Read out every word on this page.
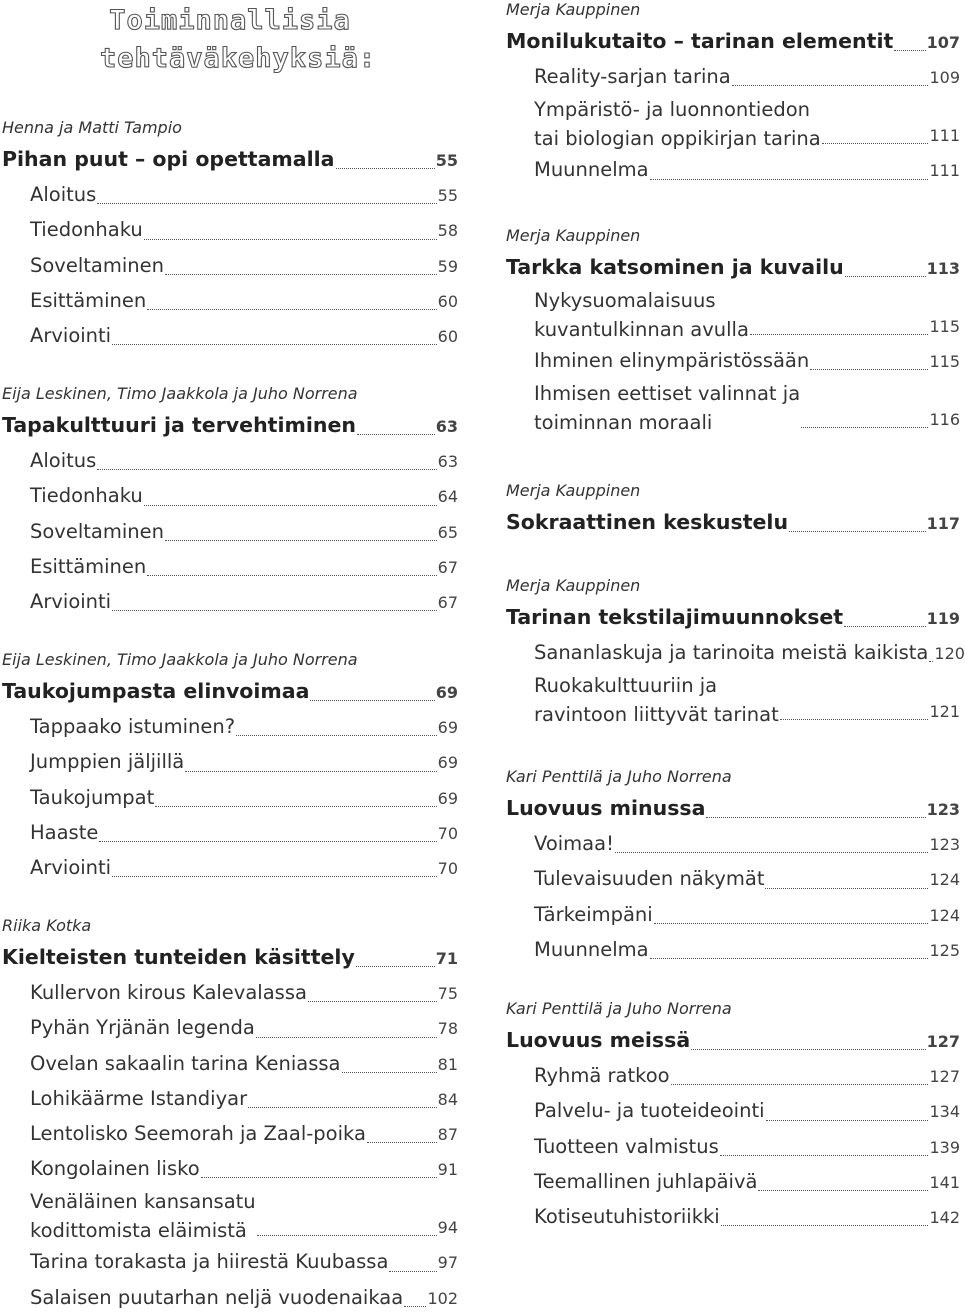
Toiminnallisia
tehtäväkehyksiä:
Henna ja Matti Tampio
Pihan puut – opi opettamalla	55
Aloitus	55
Tiedonhaku	58
Soveltaminen	59
Esittäminen	60
Arviointi	60
Eija Leskinen, Timo Jaakkola ja Juho Norrena
Tapakulttuuri ja tervehtiminen	63
Aloitus	63
Tiedonhaku	64
Soveltaminen	65
Esittäminen	67
Arviointi	67
Eija Leskinen, Timo Jaakkola ja Juho Norrena
Taukojumpasta elinvoimaa	69
Tappaako istuminen?	69
Jumppien jäljillä	69
Taukojumpat	69
Haaste	70
Arviointi	70
Riika Kotka
Kielteisten tunteiden käsittely	71
Kullervon kirous Kalevalassa	75
Pyhän Yrjänän legenda	78
Ovelan sakaalin tarina Keniassa	81
Lohikäärme Istandiyar	84
Lentolisko Seemorah ja Zaal-poika	87
Kongolainen lisko	91
Venäläinen kansansatu
kodittomista eläimistä	94
Tarina torakasta ja hiirestä Kuubassa	97
Salaisen puutarhan neljä vuodenaikaa 102
Merja Kauppinen
Monilukutaito – tarinan elementit 107
Reality-sarjan tarina	109
Ympäristö- ja luonnontiedon
tai biologian oppikirjan tarina	111
Muunnelma	111
Merja Kauppinen
Tarkka katsominen ja kuvailu	113
Nykysuomalaisuus
kuvantulkinnan avulla	115
Ihminen elinympäristössään	115
Ihmisen eettiset valinnat ja
toiminnan moraali	116
Merja Kauppinen
Sokraattinen keskustelu	117
Merja Kauppinen
Tarinan tekstilajimuunnokset	119
Sananlaskuja ja tarinoita meistä kaikista 120
Ruokakulttuuriin ja
ravintoon liittyvät tarinat	121
Kari Penttilä ja Juho Norrena
Luovuus minussa	123
Voimaa!	123
Tulevaisuuden näkymät	124
Tärkeimpäni	124
Muunnelma	125
Kari Penttilä ja Juho Norrena
Luovuus meissä	127
Ryhmä ratkoo	127
Palvelu- ja tuoteideointi	134
Tuotteen valmistus	139
Teemallinen juhlapäivä	141
Kotiseutuhistoriikki	142
